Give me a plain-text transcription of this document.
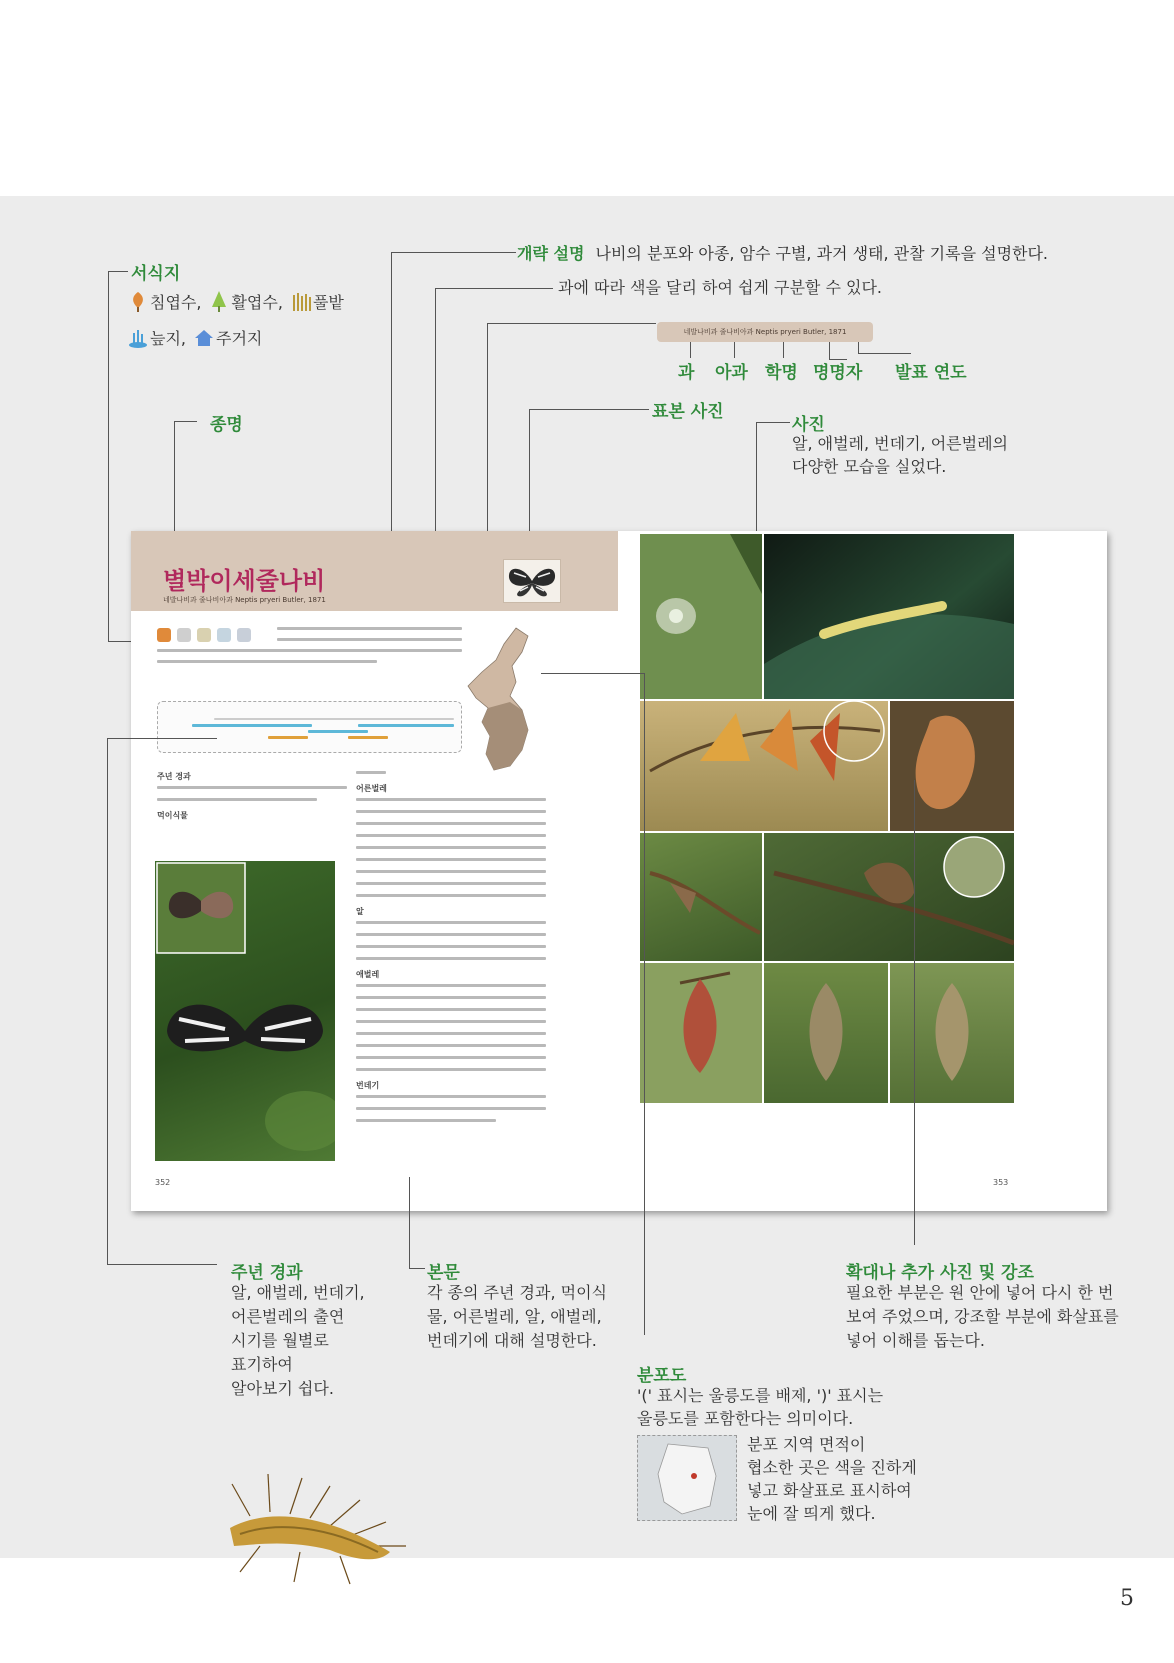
서식지
침엽수, 활엽수, 풀밭
늪지, 주거지
종명
개략 설명 나비의 분포와 아종, 암수 구별, 과거 생태, 관찰 기록을 설명한다.
과에 따라 색을 달리 하여 쉽게 구분할 수 있다.
네발나비과 줄나비아과 Neptis pryeri Butler, 1871
과 아과 학명 명명자 발표 연도
표본 사진
사진
알, 애벌레, 번데기, 어른벌레의
다양한 모습을 실었다.
별박이세줄나비
네발나비과 줄나비아과 Neptis pryeri Butler, 1871
주년 경과
먹이식물
어른벌레
알
애벌레
번데기
352	353
주년 경과
알, 애벌레, 번데기,
어른벌레의 출연
시기를 월별로
표기하여
알아보기 쉽다.
본문
각 종의 주년 경과, 먹이식
물, 어른벌레, 알, 애벌레,
번데기에 대해 설명한다.
분포도
'(' 표시는 울릉도를 배제, ')' 표시는
울릉도를 포함한다는 의미이다.
분포 지역 면적이
협소한 곳은 색을 진하게
넣고 화살표로 표시하여
눈에 잘 띄게 했다.
확대나 추가 사진 및 강조
필요한 부분은 원 안에 넣어 다시 한 번
보여 주었으며, 강조할 부분에 화살표를
넣어 이해를 돕는다.
5
